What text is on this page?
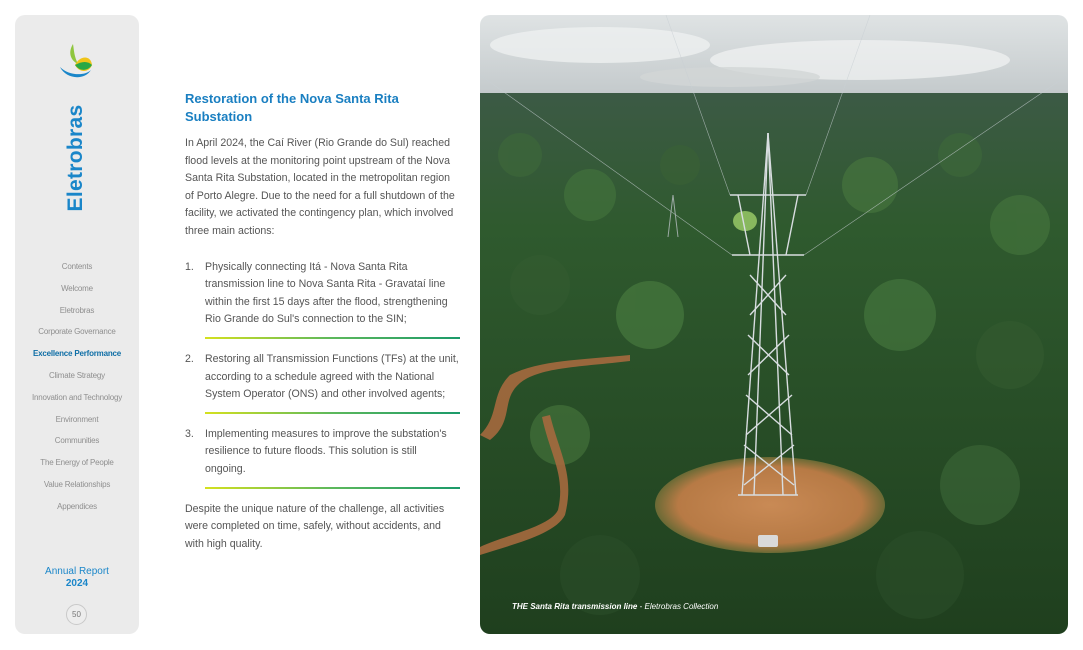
Eletrobras
Contents
Welcome
Eletrobras
Corporate Governance
Excellence Performance
Climate Strategy
Innovation and Technology
Environment
Communities
The Energy of People
Value Relationships
Appendices
Annual Report
2024
50
Restoration of the Nova Santa Rita Substation

In April 2024, the Caí River (Rio Grande do Sul) reached flood levels at the monitoring point upstream of the Nova Santa Rita Substation, located in the metropolitan region of Porto Alegre. Due to the need for a full shutdown of the facility, we activated the contingency plan, which involved three main actions:

1.	Physically connecting Itá - Nova Santa Rita transmission line to Nova Santa Rita - Gravataí line within the first 15 days after the flood, strengthening Rio Grande do Sul's connection to the SIN;
2.	Restoring all Transmission Functions (TFs) at the unit, according to a schedule agreed with the National System Operator (ONS) and other involved agents;
3.	Implementing measures to improve the substation's resilience to future floods. This solution is still ongoing.

Despite the unique nature of the challenge, all activities were completed on time, safely, without accidents, and with high quality.

THE Santa Rita transmission line - Eletrobras Collection
